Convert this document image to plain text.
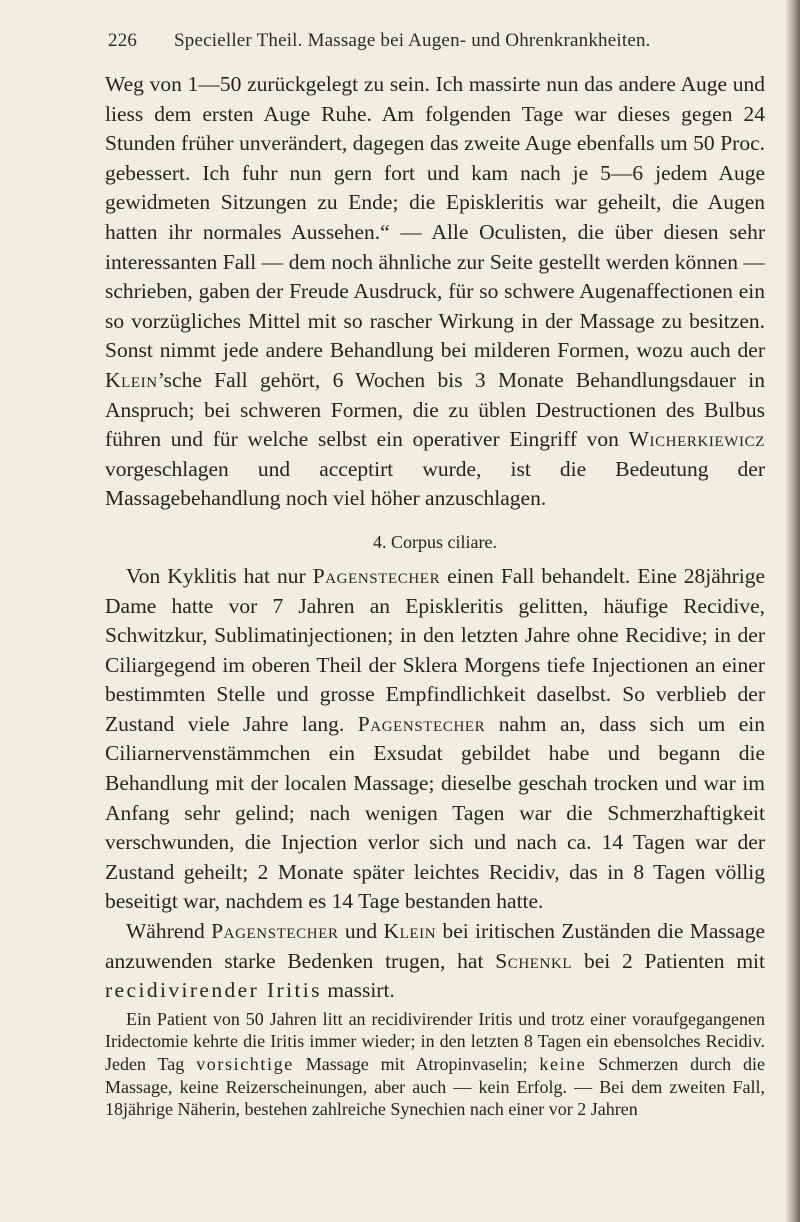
226 Specieller Theil. Massage bei Augen- und Ohrenkrankheiten.

Weg von 1—50 zurückgelegt zu sein. Ich massirte nun das andere Auge und liess dem ersten Auge Ruhe. Am folgenden Tage war dieses gegen 24 Stunden früher unverändert, dagegen das zweite Auge ebenfalls um 50 Proc. gebessert. Ich fuhr nun gern fort und kam nach je 5—6 jedem Auge gewidmeten Sitzungen zu Ende; die Episkleritis war geheilt, die Augen hatten ihr normales Aussehen.“ — Alle Oculisten, die über diesen sehr interessanten Fall — dem noch ähnliche zur Seite gestellt werden können — schrieben, gaben der Freude Ausdruck, für so schwere Augenaffectionen ein so vorzügliches Mittel mit so rascher Wirkung in der Massage zu besitzen. Sonst nimmt jede andere Behandlung bei milderen Formen, wozu auch der Klein’sche Fall gehört, 6 Wochen bis 3 Monate Behandlungsdauer in Anspruch; bei schweren Formen, die zu üblen Destructionen des Bulbus führen und für welche selbst ein operativer Eingriff von Wicherkiewicz vorgeschlagen und acceptirt wurde, ist die Bedeutung der Massagebehandlung noch viel höher anzuschlagen.

4. Corpus ciliare.

Von Kyklitis hat nur Pagenstecher einen Fall behandelt. Eine 28jährige Dame hatte vor 7 Jahren an Episkleritis gelitten, häufige Recidive, Schwitzkur, Sublimatinjectionen; in den letzten Jahre ohne Recidive; in der Ciliargegend im oberen Theil der Sklera Morgens tiefe Injectionen an einer bestimmten Stelle und grosse Empfindlichkeit daselbst. So verblieb der Zustand viele Jahre lang. Pagenstecher nahm an, dass sich um ein Ciliarnervenstämmchen ein Exsudat gebildet habe und begann die Behandlung mit der localen Massage; dieselbe geschah trocken und war im Anfang sehr gelind; nach wenigen Tagen war die Schmerzhaftigkeit verschwunden, die Injection verlor sich und nach ca. 14 Tagen war der Zustand geheilt; 2 Monate später leichtes Recidiv, das in 8 Tagen völlig beseitigt war, nachdem es 14 Tage bestanden hatte.

Während Pagenstecher und Klein bei iritischen Zuständen die Massage anzuwenden starke Bedenken trugen, hat Schenkl bei 2 Patienten mit recidivirender Iritis massirt.

Ein Patient von 50 Jahren litt an recidivirender Iritis und trotz einer voraufgegangenen Iridectomie kehrte die Iritis immer wieder; in den letzten 8 Tagen ein ebensolches Recidiv. Jeden Tag vorsichtige Massage mit Atropinvaselin; keine Schmerzen durch die Massage, keine Reizerscheinungen, aber auch — kein Erfolg. — Bei dem zweiten Fall, 18jährige Näherin, bestehen zahlreiche Synechien nach einer vor 2 Jahren
